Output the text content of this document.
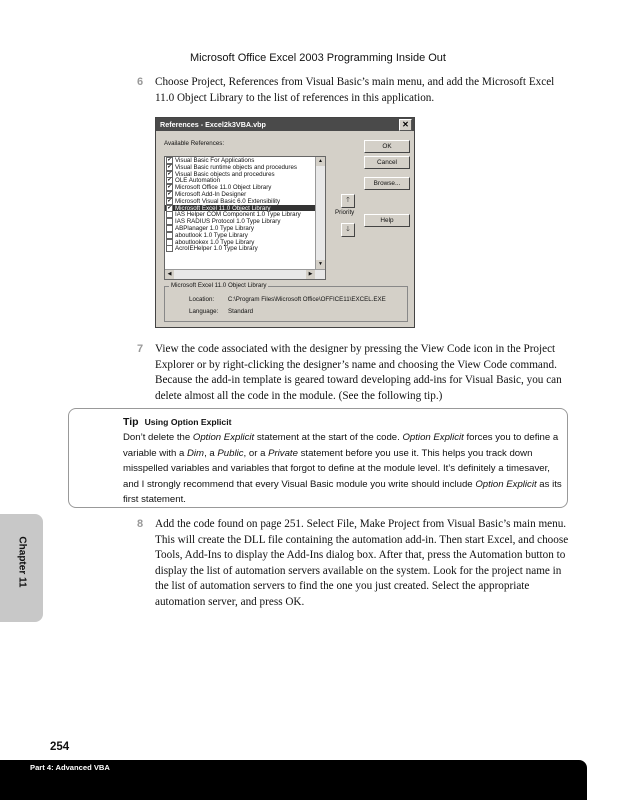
Microsoft Office Excel 2003 Programming Inside Out
6 Choose Project, References from Visual Basic’s main menu, and add the Microsoft Excel 11.0 Object Library to the list of references in this application.

References - Excel2k3VBA.vbp	✕
Available References:
✔ Visual Basic For Applications
✔ Visual Basic runtime objects and procedures
✔ Visual Basic objects and procedures
✔ OLE Automation
✔ Microsoft Office 11.0 Object Library
✔ Microsoft Add-In Designer
✔ Microsoft Visual Basic 6.0 Extensibility
✔ Microsoft Excel 11.0 Object Library
IAS Helper COM Component 1.0 Type Library
IAS RADIUS Protocol 1.0 Type Library
ABPlanager 1.0 Type Library
aboutlook 1.0 Type Library
aboutlookex 1.0 Type Library
AcroIEHelper 1.0 Type Library
▲
▼
◀	▶
OK
Cancel
Browse...
🡑
Priority
🡓
Help
Microsoft Excel 11.0 Object Library
Location: C:\Program Files\Microsoft Office\OFFICE11\EXCEL.EXE
Language: Standard
7 View the code associated with the designer by pressing the View Code icon in the Project Explorer or by right-clicking the designer’s name and choosing the View Code command. Because the add-in template is geared toward developing add-ins for Visual Basic, you can delete almost all the code in the module. (See the following tip.)

Tip Using Option Explicit
Don’t delete the Option Explicit statement at the start of the code. Option Explicit forces you to define a variable with a Dim, a Public, or a Private statement before you use it. This helps you track down misspelled variables and variables that forgot to define at the module level. It’s definitely a timesaver, and I strongly recommend that every Visual Basic module you write should include Option Explicit as its first statement.
8 Add the code found on page 251. Select File, Make Project from Visual Basic’s main menu. This will create the DLL file containing the automation add-in. Then start Excel, and choose Tools, Add-Ins to display the Add-Ins dialog box. After that, press the Automation button to display the list of automation servers available on the system. Look for the project name in the list of automation servers to find the one you just created. Select the appropriate automation server, and press OK.

Chapter 11
254
Part 4: Advanced VBA
